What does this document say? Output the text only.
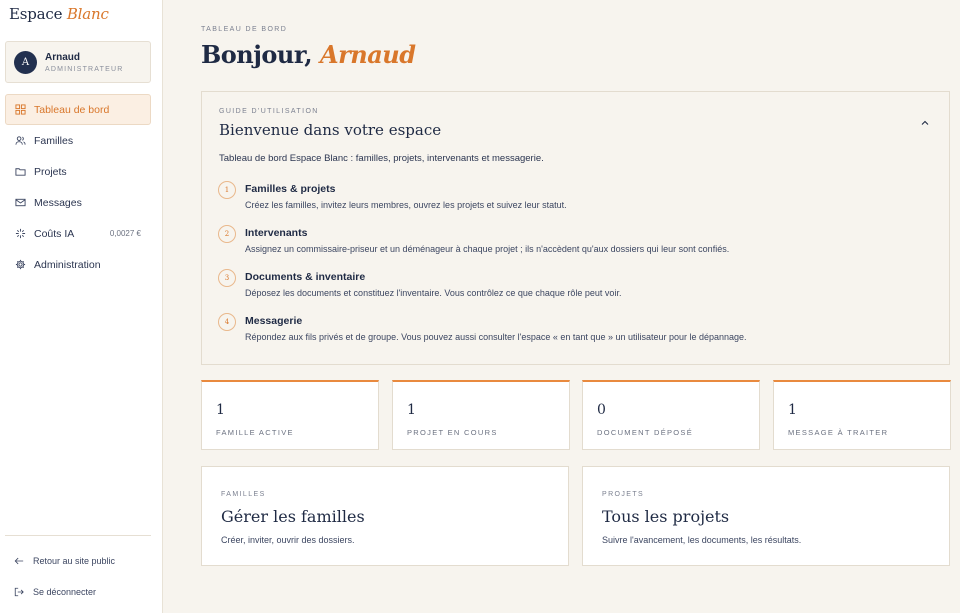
Espace Blanc
A	Arnaud
ADMINISTRATEUR
Tableau de bord
Familles
Projets
Messages
Coûts IA	0,0027 €
Administration
Retour au site public
Se déconnecter
TABLEAU DE BORD
Bonjour, Arnaud
GUIDE D'UTILISATION
Bienvenue dans votre espace
Tableau de bord Espace Blanc : familles, projets, intervenants et messagerie.
1	Familles & projets
Créez les familles, invitez leurs membres, ouvrez les projets et suivez leur statut.
2	Intervenants
Assignez un commissaire-priseur et un déménageur à chaque projet ; ils n'accèdent qu'aux dossiers qui leur sont confiés.
3	Documents & inventaire
Déposez les documents et constituez l'inventaire. Vous contrôlez ce que chaque rôle peut voir.
4	Messagerie
Répondez aux fils privés et de groupe. Vous pouvez aussi consulter l'espace « en tant que » un utilisateur pour le dépannage.
1
FAMILLE ACTIVE
1
PROJET EN COURS
0
DOCUMENT DÉPOSÉ
1
MESSAGE À TRAITER
FAMILLES
Gérer les familles
Créer, inviter, ouvrir des dossiers.
PROJETS
Tous les projets
Suivre l'avancement, les documents, les résultats.
